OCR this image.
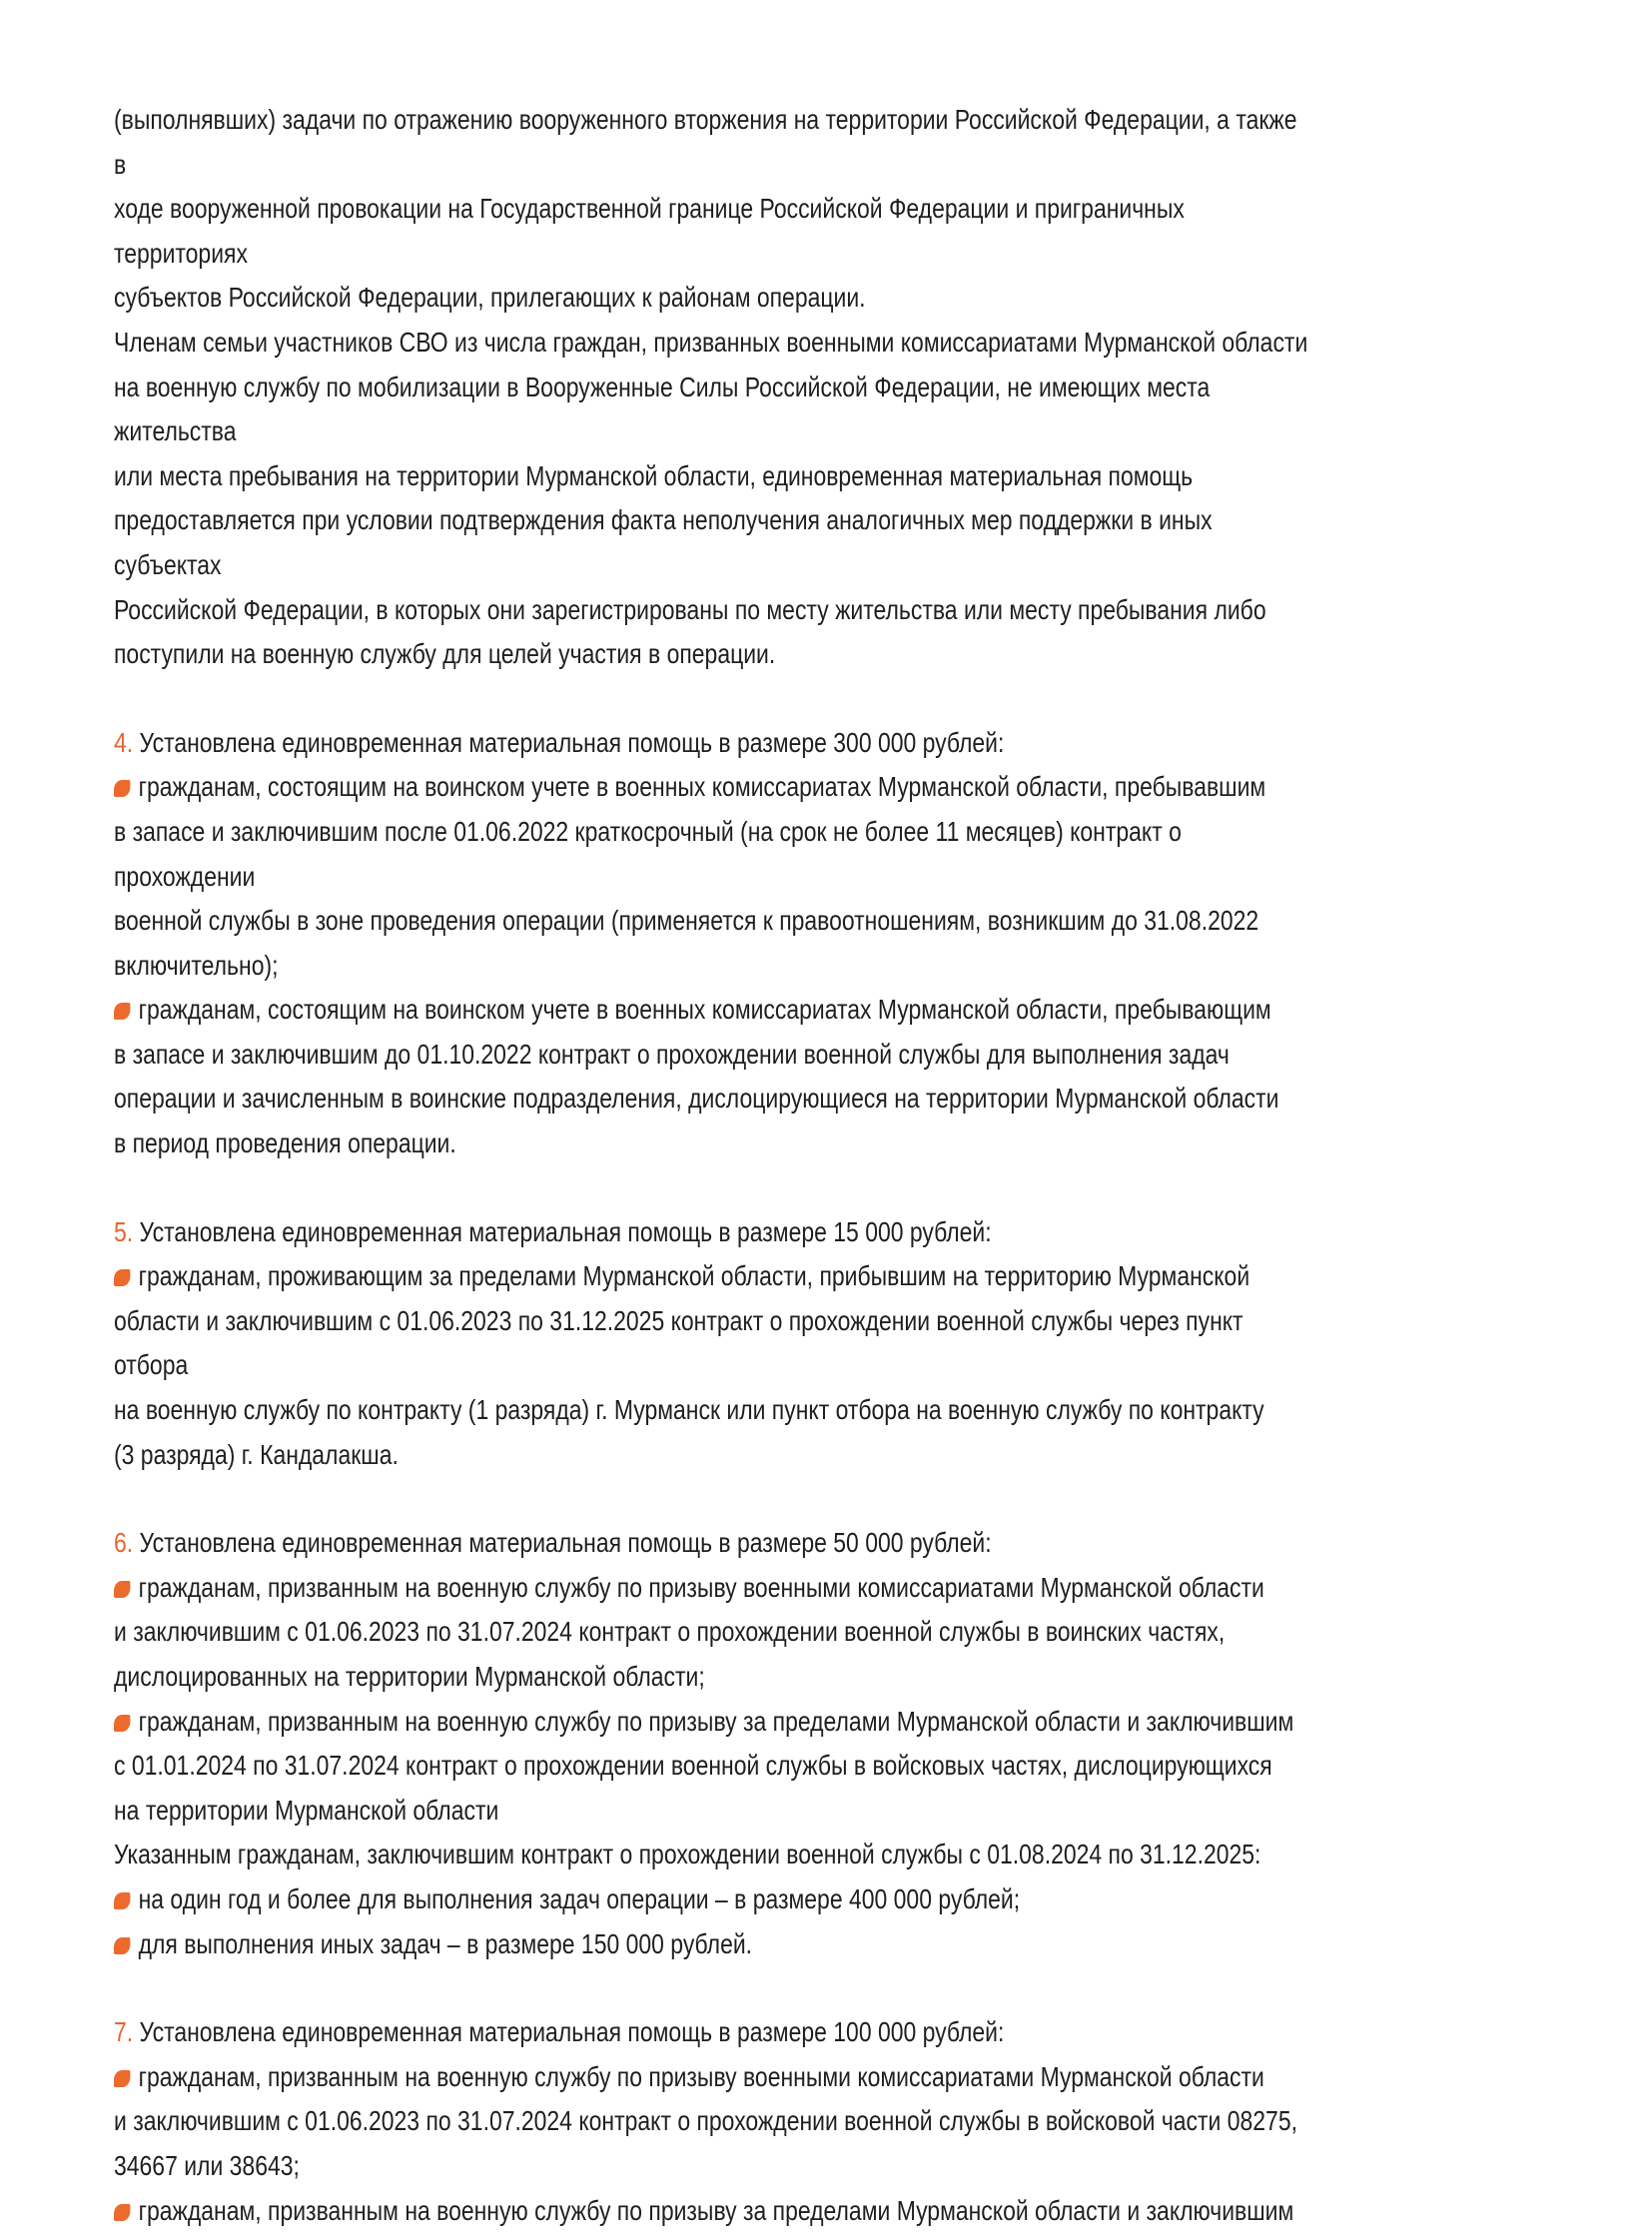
(выполнявших) задачи по отражению вооруженного вторжения на территории Российской Федерации, а также в
ходе вооруженной провокации на Государственной границе Российской Федерации и приграничных территориях
субъектов Российской Федерации, прилегающих к районам операции.

Членам семьи участников СВО из числа граждан, призванных военными комиссариатами Мурманской области
на военную службу по мобилизации в Вооруженные Силы Российской Федерации, не имеющих места жительства
или места пребывания на территории Мурманской области, единовременная материальная помощь
предоставляется при условии подтверждения факта неполучения аналогичных мер поддержки в иных субъектах
Российской Федерации, в которых они зарегистрированы по месту жительства или месту пребывания либо
поступили на военную службу для целей участия в операции.

4. Установлена единовременная материальная помощь в размере 300 000 рублей:

гражданам, состоящим на воинском учете в военных комиссариатах Мурманской области, пребывавшим
в запасе и заключившим после 01.06.2022 краткосрочный (на срок не более 11 месяцев) контракт о прохождении
военной службы в зоне проведения операции (применяется к правоотношениям, возникшим до 31.08.2022
включительно);

гражданам, состоящим на воинском учете в военных комиссариатах Мурманской области, пребывающим
в запасе и заключившим до 01.10.2022 контракт о прохождении военной службы для выполнения задач
операции и зачисленным в воинские подразделения, дислоцирующиеся на территории Мурманской области
в период проведения операции.

5. Установлена единовременная материальная помощь в размере 15 000 рублей:

гражданам, проживающим за пределами Мурманской области, прибывшим на территорию Мурманской
области и заключившим с 01.06.2023 по 31.12.2025 контракт о прохождении военной службы через пункт отбора
на военную службу по контракту (1 разряда) г. Мурманск или пункт отбора на военную службу по контракту
(3 разряда) г. Кандалакша.

6. Установлена единовременная материальная помощь в размере 50 000 рублей:

гражданам, призванным на военную службу по призыву военными комиссариатами Мурманской области
и заключившим с 01.06.2023 по 31.07.2024 контракт о прохождении военной службы в воинских частях,
дислоцированных на территории Мурманской области;

гражданам, призванным на военную службу по призыву за пределами Мурманской области и заключившим
с 01.01.2024 по 31.07.2024 контракт о прохождении военной службы в войсковых частях, дислоцирующихся
на территории Мурманской области

Указанным гражданам, заключившим контракт о прохождении военной службы с 01.08.2024 по 31.12.2025:

на один год и более для выполнения задач операции – в размере 400 000 рублей;

для выполнения иных задач – в размере 150 000 рублей.

7. Установлена единовременная материальная помощь в размере 100 000 рублей:

гражданам, призванным на военную службу по призыву военными комиссариатами Мурманской области
и заключившим с 01.06.2023 по 31.07.2024 контракт о прохождении военной службы в войсковой части 08275,
34667 или 38643;

гражданам, призванным на военную службу по призыву за пределами Мурманской области и заключившим
